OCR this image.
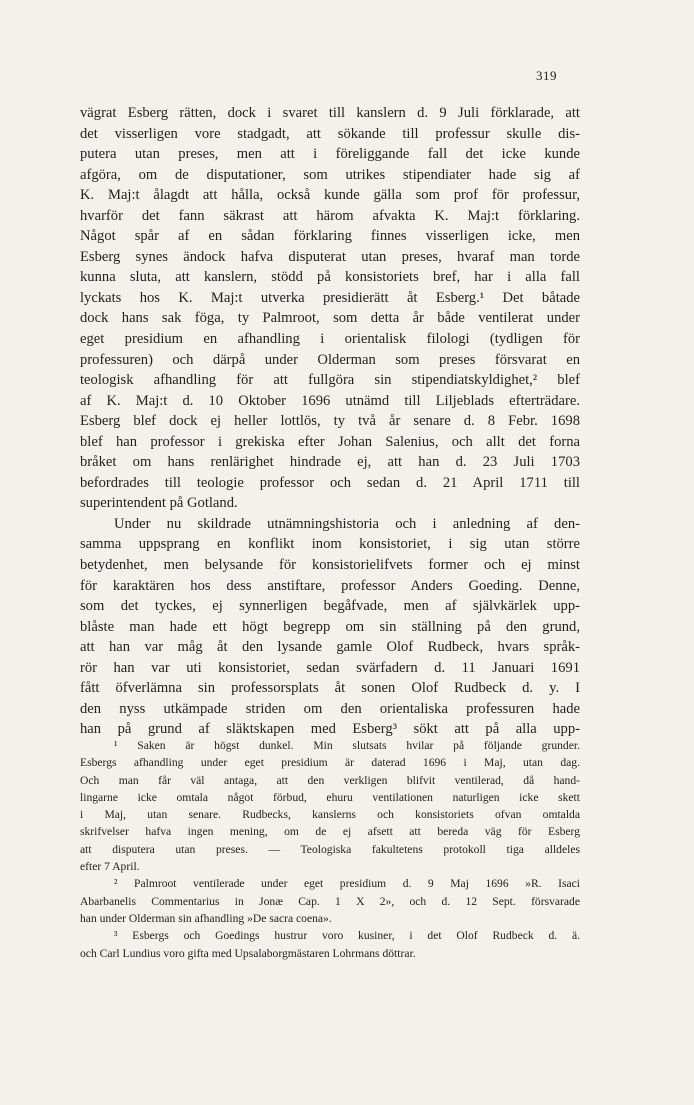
319
vägrat Esberg rätten, dock i svaret till kanslern d. 9 Juli förklarade, att
det visserligen vore stadgadt, att sökande till professur skulle dis-
putera utan preses, men att i föreliggande fall det icke kunde
afgöra, om de disputationer, som utrikes stipendiater hade sig af
K. Maj:t ålagdt att hålla, också kunde gälla som prof för professur,
hvarför det fann säkrast att härom afvakta K. Maj:t förklaring.
Något spår af en sådan förklaring finnes visserligen icke, men
Esberg synes ändock hafva disputerat utan preses, hvaraf man torde
kunna sluta, att kanslern, stödd på konsistoriets bref, har i alla fall
lyckats hos K. Maj:t utverka presidierätt åt Esberg.¹ Det båtade
dock hans sak föga, ty Palmroot, som detta år både ventilerat under
eget presidium en afhandling i orientalisk filologi (tydligen för
professuren) och därpå under Olderman som preses försvarat en
teologisk afhandling för att fullgöra sin stipendiatskyldighet,² blef
af K. Maj:t d. 10 Oktober 1696 utnämd till Liljeblads efterträdare.
Esberg blef dock ej heller lottlös, ty två år senare d. 8 Febr. 1698
blef han professor i grekiska efter Johan Salenius, och allt det forna
bråket om hans renlärighet hindrade ej, att han d. 23 Juli 1703
befordrades till teologie professor och sedan d. 21 April 1711 till
superintendent på Gotland.
Under nu skildrade utnämningshistoria och i anledning af den-
samma uppsprang en konflikt inom konsistoriet, i sig utan större
betydenhet, men belysande för konsistorielifvets former och ej minst
för karaktären hos dess anstiftare, professor Anders Goeding. Denne,
som det tyckes, ej synnerligen begåfvade, men af självkärlek upp-
blåste man hade ett högt begrepp om sin ställning på den grund,
att han var måg åt den lysande gamle Olof Rudbeck, hvars språk-
rör han var uti konsistoriet, sedan svärfadern d. 11 Januari 1691
fått öfverlämna sin professorsplats åt sonen Olof Rudbeck d. y. I
den nyss utkämpade striden om den orientaliska professuren hade
han på grund af släktskapen med Esberg³ sökt att på alla upp-
¹ Saken är högst dunkel. Min slutsats hvilar på följande grunder.
Esbergs afhandling under eget presidium är daterad 1696 i Maj, utan dag.
Och man får väl antaga, att den verkligen blifvit ventilerad, då hand-
lingarne icke omtala något förbud, ehuru ventilationen naturligen icke skett
i Maj, utan senare. Rudbecks, kanslerns och konsistoriets ofvan omtalda
skrifvelser hafva ingen mening, om de ej afsett att bereda väg för Esberg
att disputera utan preses. — Teologiska fakultetens protokoll tiga alldeles
efter 7 April.
² Palmroot ventilerade under eget presidium d. 9 Maj 1696 »R. Isaci
Abarbanelis Commentarius in Jonæ Cap. 1 X 2», och d. 12 Sept. försvarade
han under Olderman sin afhandling »De sacra coena».
³ Esbergs och Goedings hustrur voro kusiner, i det Olof Rudbeck d. ä.
och Carl Lundius voro gifta med Upsalaborgmästaren Lohrmans döttrar.
